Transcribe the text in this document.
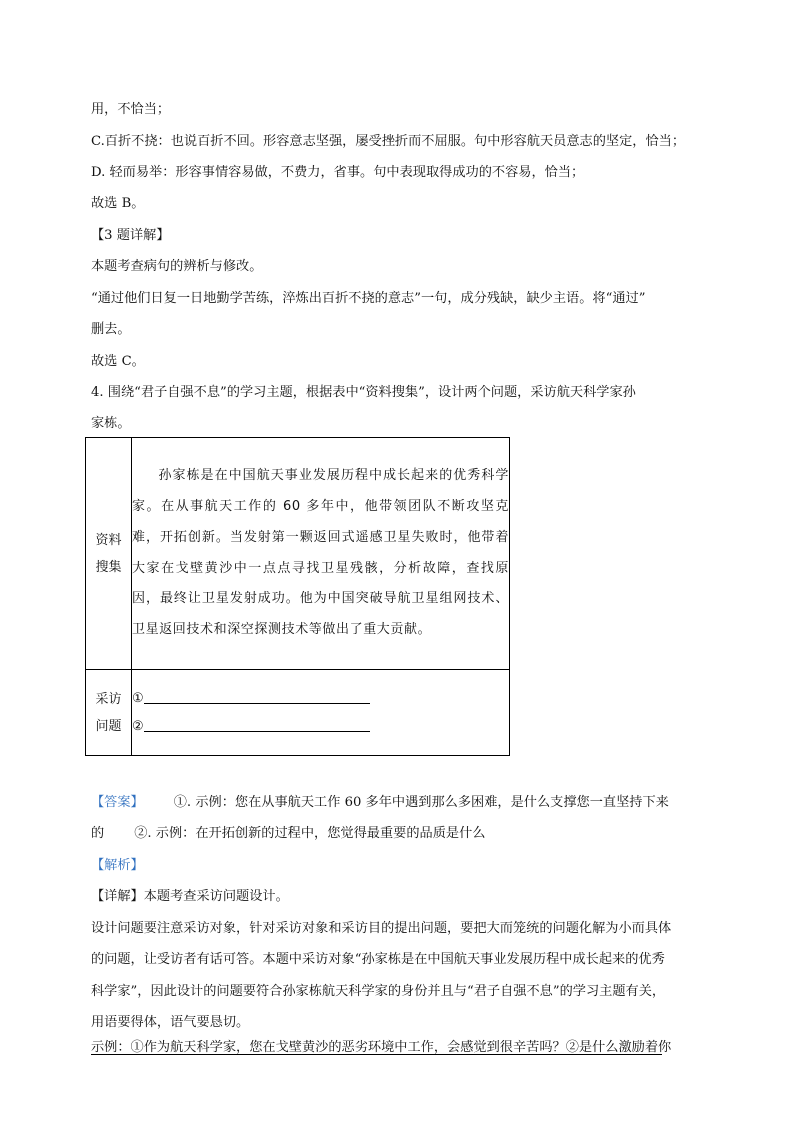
用，不恰当；
C.百折不挠：也说百折不回。形容意志坚强，屡受挫折而不屈服。句中形容航天员意志的坚定，恰当；
D. 轻而易举：形容事情容易做，不费力，省事。句中表现取得成功的不容易，恰当；
故选 B。
【3 题详解】
本题考查病句的辨析与修改。
“通过他们日复一日地勤学苦练，淬炼出百折不挠的意志”一句，成分残缺，缺少主语。将“通过”
删去。
故选 C。
4. 围绕“君子自强不息”的学习主题，根据表中“资料搜集”，设计两个问题，采访航天科学家孙
家栋。
资料搜集	孙家栋是在中国航天事业发展历程中成长起来的优秀科学家。在从事航天工作的 60 多年中，他带领团队不断攻坚克难，开拓创新。当发射第一颗返回式遥感卫星失败时，他带着大家在戈壁黄沙中一点点寻找卫星残骸，分析故障，查找原因，最终让卫星发射成功。他为中国突破导航卫星组网技术、卫星返回技术和深空探测技术等做出了重大贡献。

采访问题	①
②
【答案】 ①. 示例：您在从事航天工作 60 多年中遇到那么多困难，是什么支撑您一直坚持下来
的 ②. 示例：在开拓创新的过程中，您觉得最重要的品质是什么
【解析】
【详解】本题考查采访问题设计。
设计问题要注意采访对象，针对采访对象和采访目的提出问题，要把大而笼统的问题化解为小而具体
的问题，让受访者有话可答。本题中采访对象“孙家栋是在中国航天事业发展历程中成长起来的优秀
科学家”，因此设计的问题要符合孙家栋航天科学家的身份并且与“君子自强不息”的学习主题有关，
用语要得体，语气要恳切。
示例：①作为航天科学家，您在戈壁黄沙的恶劣环境中工作，会感觉到很辛苦吗？②是什么激励着你
